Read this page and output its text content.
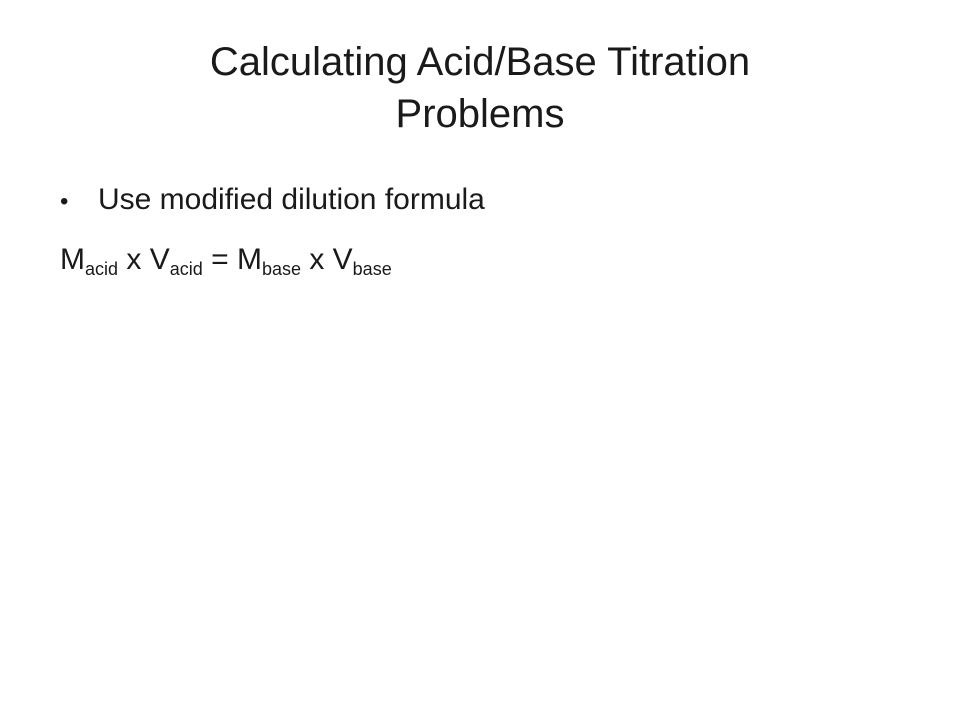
Calculating Acid/Base Titration
Problems
• Use modified dilution formula
$M_{acid}$ x $V_{acid} = M_{base}$ x $V_{base}$
